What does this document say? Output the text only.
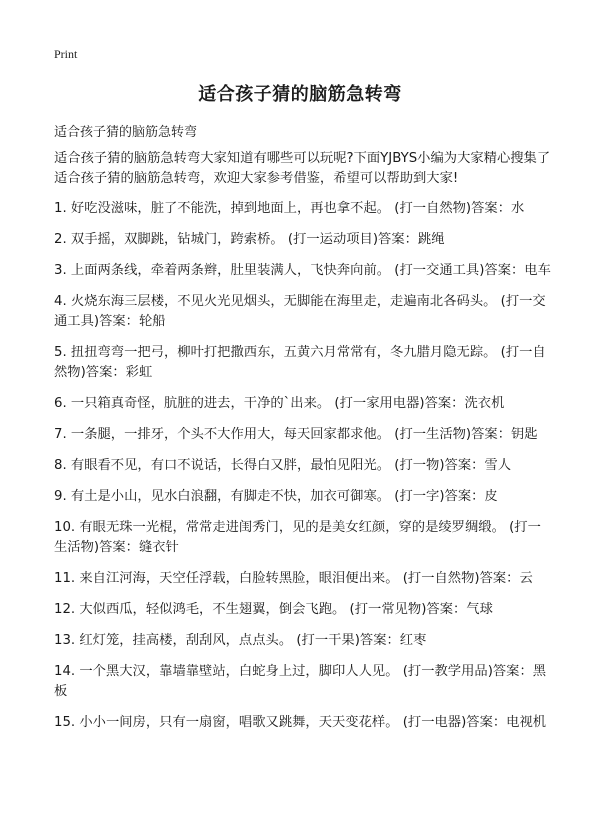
Print
适合孩子猜的脑筋急转弯
适合孩子猜的脑筋急转弯

适合孩子猜的脑筋急转弯大家知道有哪些可以玩呢?下面YJBYS小编为大家精心搜集了适合孩子猜的脑筋急转弯，欢迎大家参考借鉴，希望可以帮助到大家!

1. 好吃没滋味，脏了不能洗，掉到地面上，再也拿不起。 (打一自然物)答案：水
2. 双手摇，双脚跳，钻城门，跨索桥。 (打一运动项目)答案：跳绳
3. 上面两条线，牵着两条辫，肚里装满人，飞快奔向前。 (打一交通工具)答案：电车
4. 火烧东海三层楼，不见火光见烟头，无脚能在海里走，走遍南北各码头。 (打一交通工具)答案：轮船
5. 扭扭弯弯一把弓，柳叶打把撒西东，五黄六月常常有，冬九腊月隐无踪。 (打一自然物)答案：彩虹
6. 一只箱真奇怪，肮脏的进去，干净的`出来。 (打一家用电器)答案：洗衣机
7. 一条腿，一排牙，个头不大作用大，每天回家都求他。 (打一生活物)答案：钥匙
8. 有眼看不见，有口不说话，长得白又胖，最怕见阳光。 (打一物)答案：雪人
9. 有土是小山，见水白浪翻，有脚走不快，加衣可御寒。 (打一字)答案：皮
10. 有眼无珠一光棍，常常走进闺秀门，见的是美女红颜，穿的是绫罗绸缎。 (打一生活物)答案：缝衣针
11. 来自江河海，天空任浮载，白脸转黑脸，眼泪便出来。 (打一自然物)答案：云
12. 大似西瓜，轻似鸿毛，不生翅翼，倒会飞跑。 (打一常见物)答案：气球
13. 红灯笼，挂高楼，刮刮风，点点头。 (打一干果)答案：红枣
14. 一个黑大汉，靠墙靠壁站，白蛇身上过，脚印人人见。 (打一教学用品)答案：黑板
15. 小小一间房，只有一扇窗，唱歌又跳舞，天天变花样。 (打一电器)答案：电视机
